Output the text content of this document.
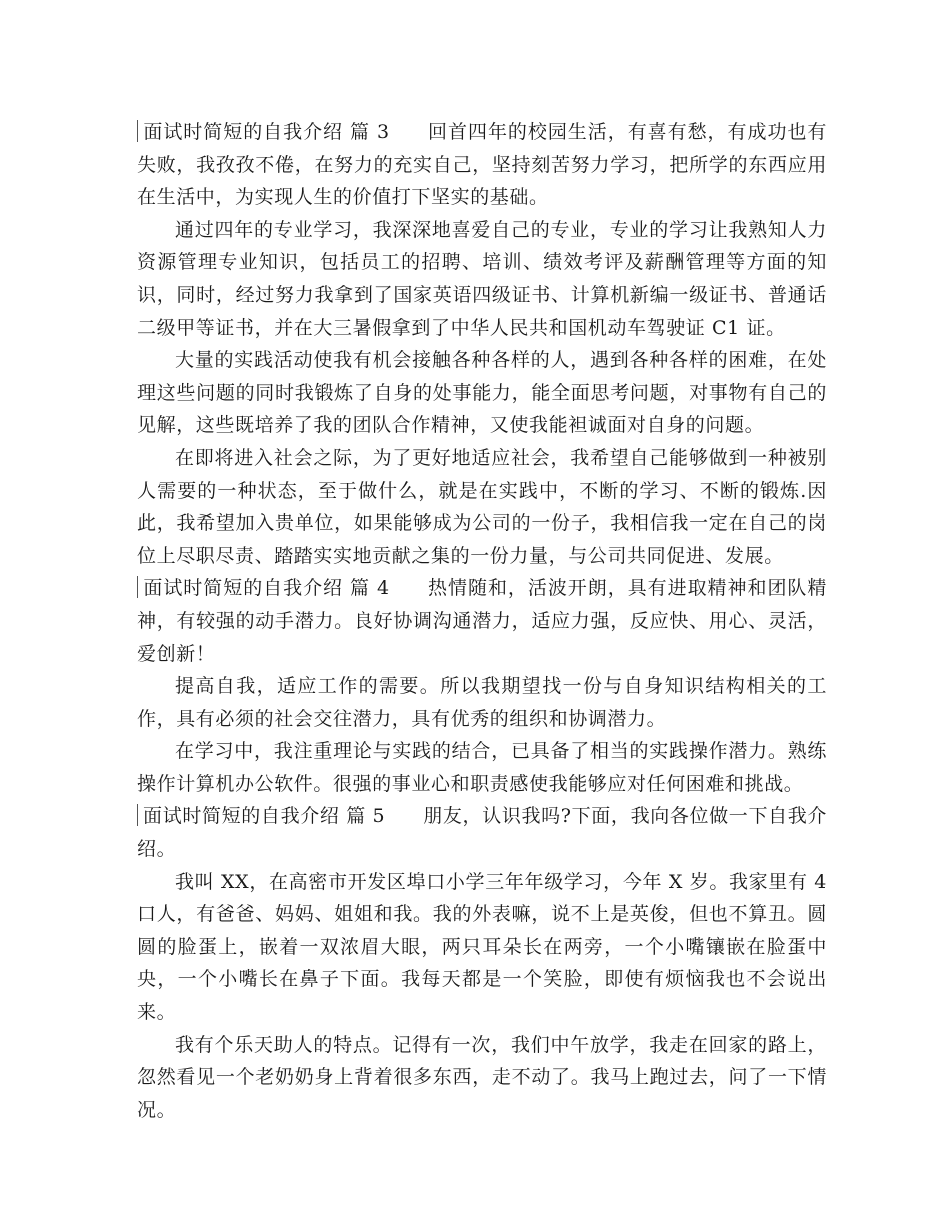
面试时简短的自我介绍 篇 3 回首四年的校园生活，有喜有愁，有成功也有失败，我孜孜不倦，在努力的充实自己，坚持刻苦努力学习，把所学的东西应用在生活中，为实现人生的价值打下坚实的基础。

通过四年的专业学习，我深深地喜爱自己的专业，专业的学习让我熟知人力资源管理专业知识，包括员工的招聘、培训、绩效考评及薪酬管理等方面的知识，同时，经过努力我拿到了国家英语四级证书、计算机新编一级证书、普通话二级甲等证书，并在大三暑假拿到了中华人民共和国机动车驾驶证 C1 证。

大量的实践活动使我有机会接触各种各样的人，遇到各种各样的困难，在处理这些问题的同时我锻炼了自身的处事能力，能全面思考问题，对事物有自己的见解，这些既培养了我的团队合作精神，又使我能袒诚面对自身的问题。

在即将进入社会之际，为了更好地适应社会，我希望自己能够做到一种被别人需要的一种状态，至于做什么，就是在实践中，不断的学习、不断的锻炼.因此，我希望加入贵单位，如果能够成为公司的一份子，我相信我一定在自己的岗位上尽职尽责、踏踏实实地贡献之集的一份力量，与公司共同促进、发展。

面试时简短的自我介绍 篇 4 热情随和，活波开朗，具有进取精神和团队精神，有较强的动手潜力。良好协调沟通潜力，适应力强，反应快、用心、灵活，爱创新！

提高自我，适应工作的需要。所以我期望找一份与自身知识结构相关的工作，具有必须的社会交往潜力，具有优秀的组织和协调潜力。

在学习中，我注重理论与实践的结合，已具备了相当的实践操作潜力。熟练操作计算机办公软件。很强的事业心和职责感使我能够应对任何困难和挑战。

面试时简短的自我介绍 篇 5 朋友，认识我吗?下面，我向各位做一下自我介绍。

我叫 XX，在高密市开发区埠口小学三年年级学习，今年 X 岁。我家里有 4 口人，有爸爸、妈妈、姐姐和我。我的外表嘛，说不上是英俊，但也不算丑。圆圆的脸蛋上，嵌着一双浓眉大眼，两只耳朵长在两旁，一个小嘴镶嵌在脸蛋中央，一个小嘴长在鼻子下面。我每天都是一个笑脸，即使有烦恼我也不会说出来。

我有个乐天助人的特点。记得有一次，我们中午放学，我走在回家的路上，忽然看见一个老奶奶身上背着很多东西，走不动了。我马上跑过去，问了一下情况。
